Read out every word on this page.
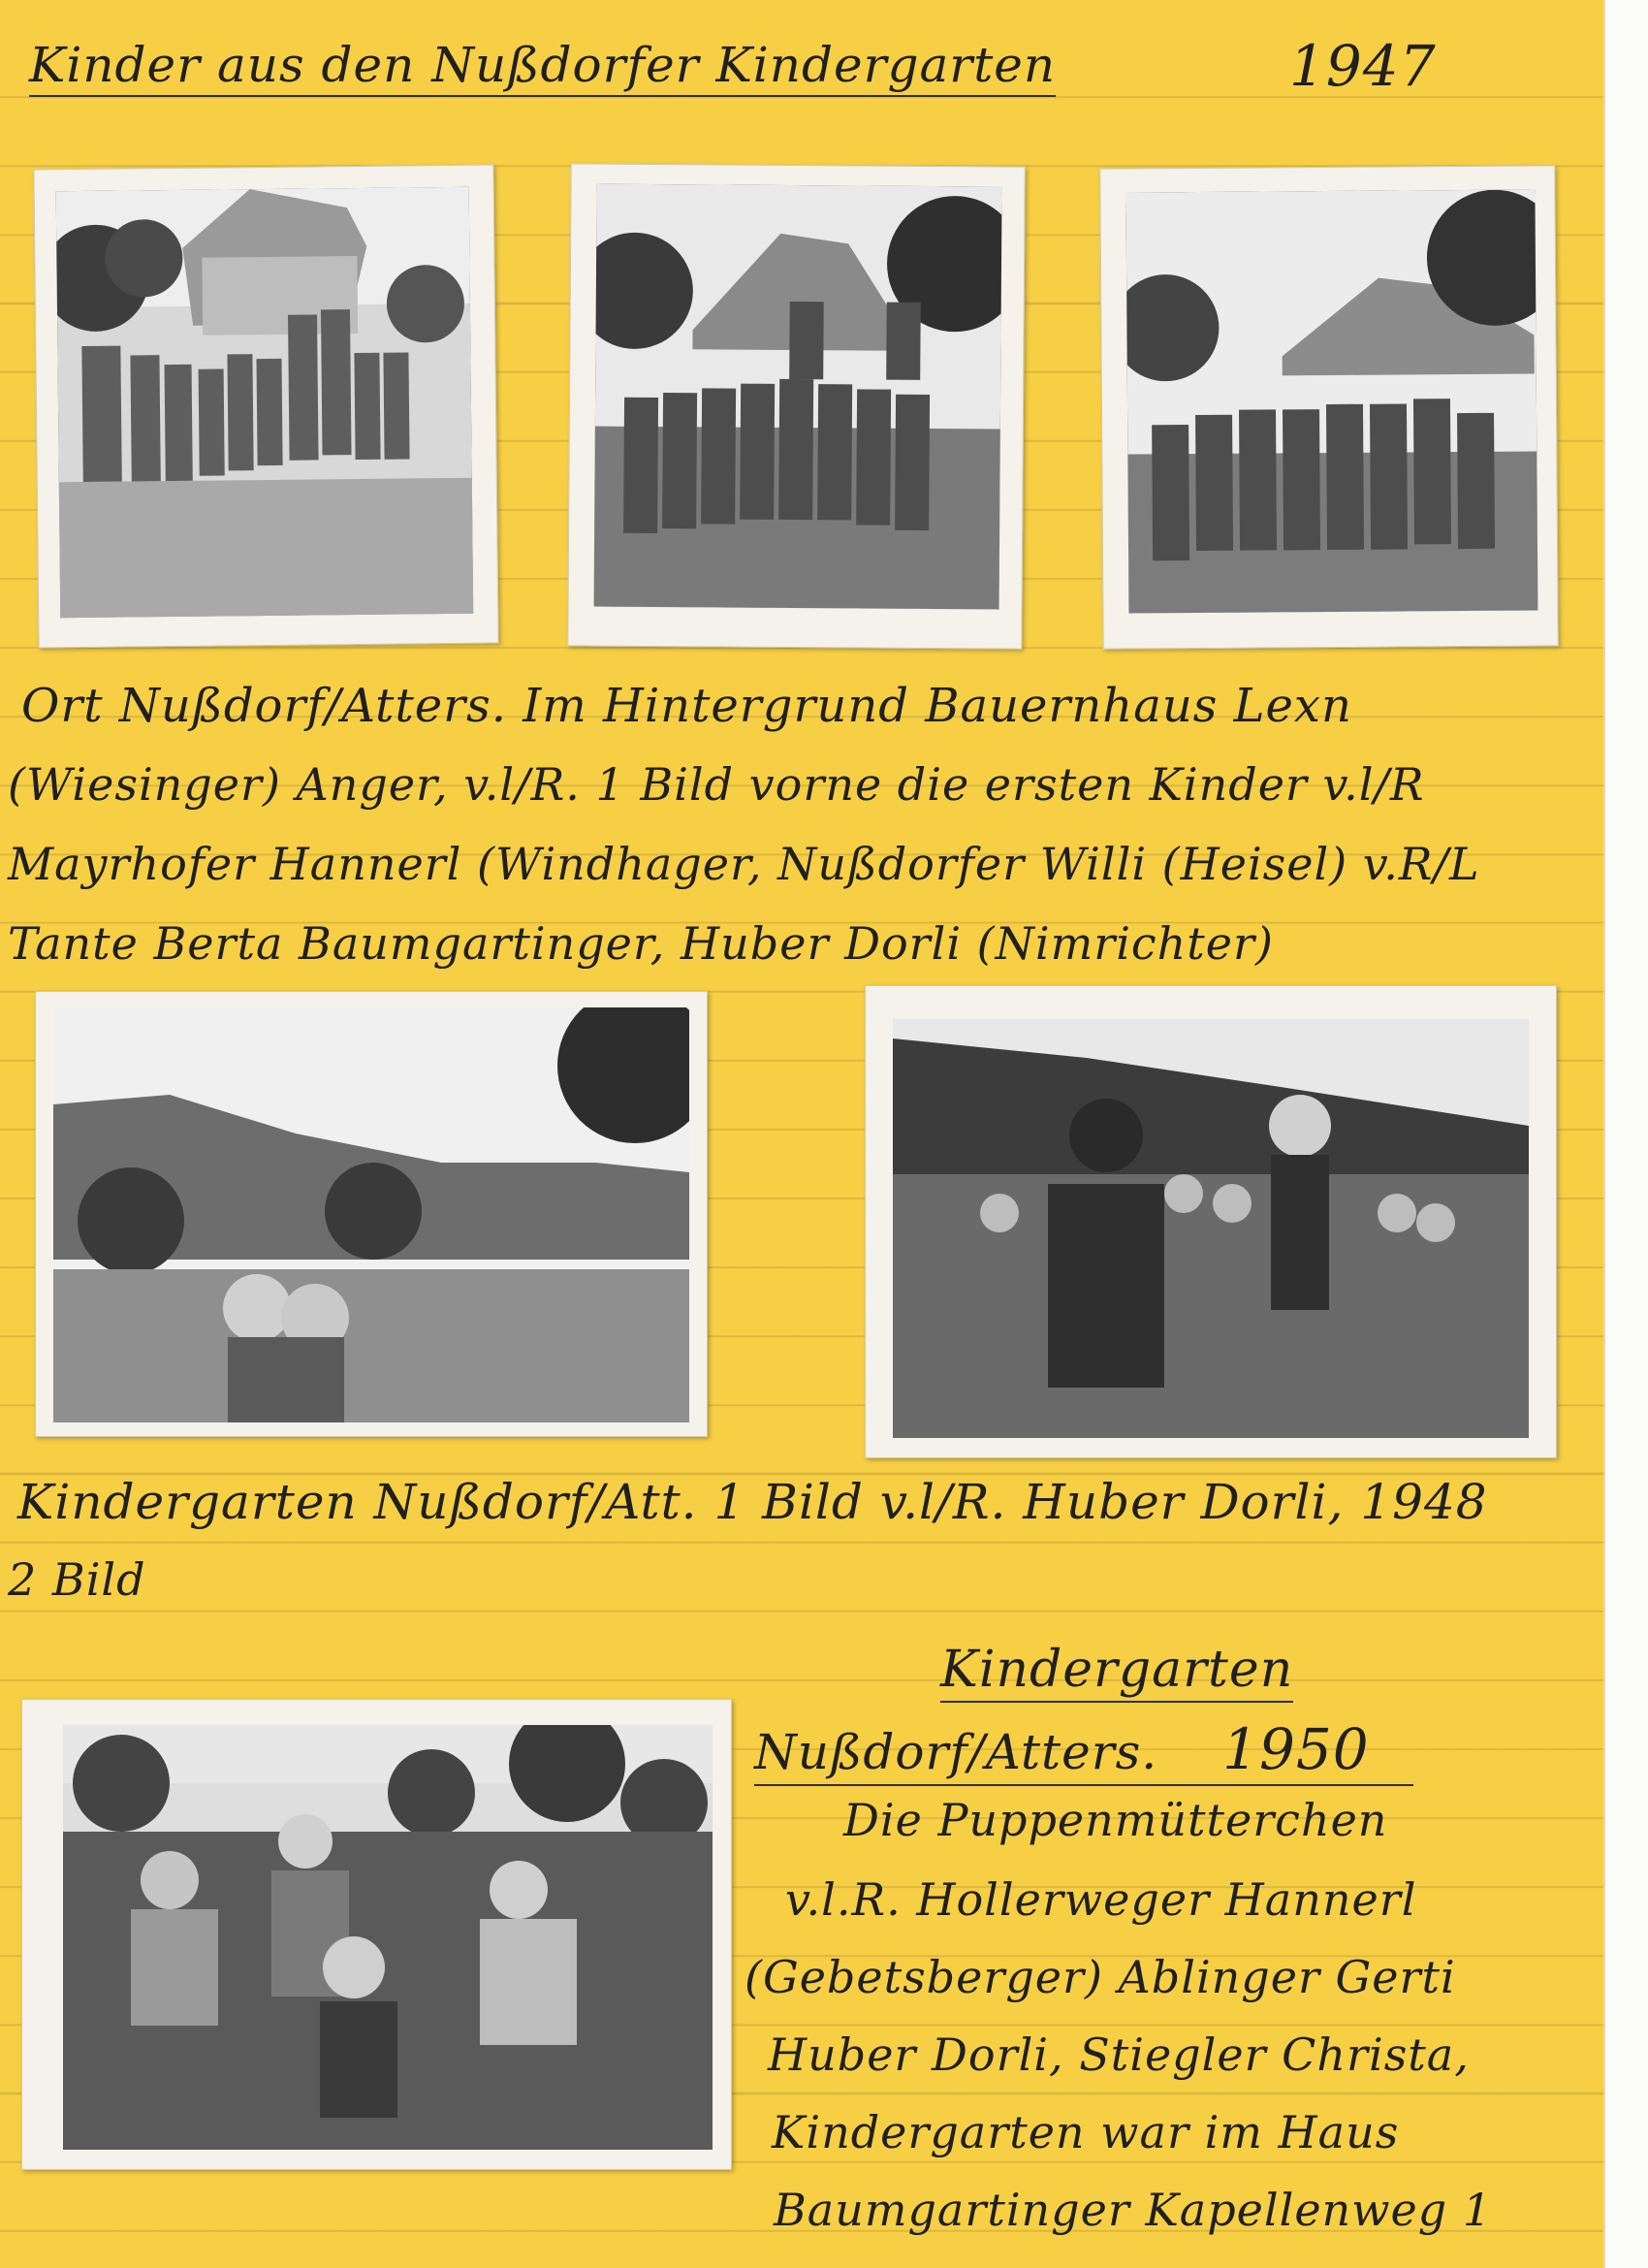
Kinder aus den Nußdorfer Kindergarten	1947
Ort Nußdorf/Atters. Im Hintergrund Bauernhaus Lexn
(Wiesinger) Anger, v.l/R. 1 Bild vorne die ersten Kinder v.l/R
Mayrhofer Hannerl (Windhager, Nußdorfer Willi (Heisel) v.R/L
Tante Berta Baumgartinger, Huber Dorli (Nimrichter)
Kindergarten Nußdorf/Att. 1 Bild v.l/R. Huber Dorli, 1948
2 Bild
Kindergarten
Nußdorf/Atters. 1950
Die Puppenmütterchen
v.l.R. Hollerweger Hannerl
(Gebetsberger) Ablinger Gerti
Huber Dorli, Stiegler Christa,
Kindergarten war im Haus
Baumgartinger Kapellenweg 1
